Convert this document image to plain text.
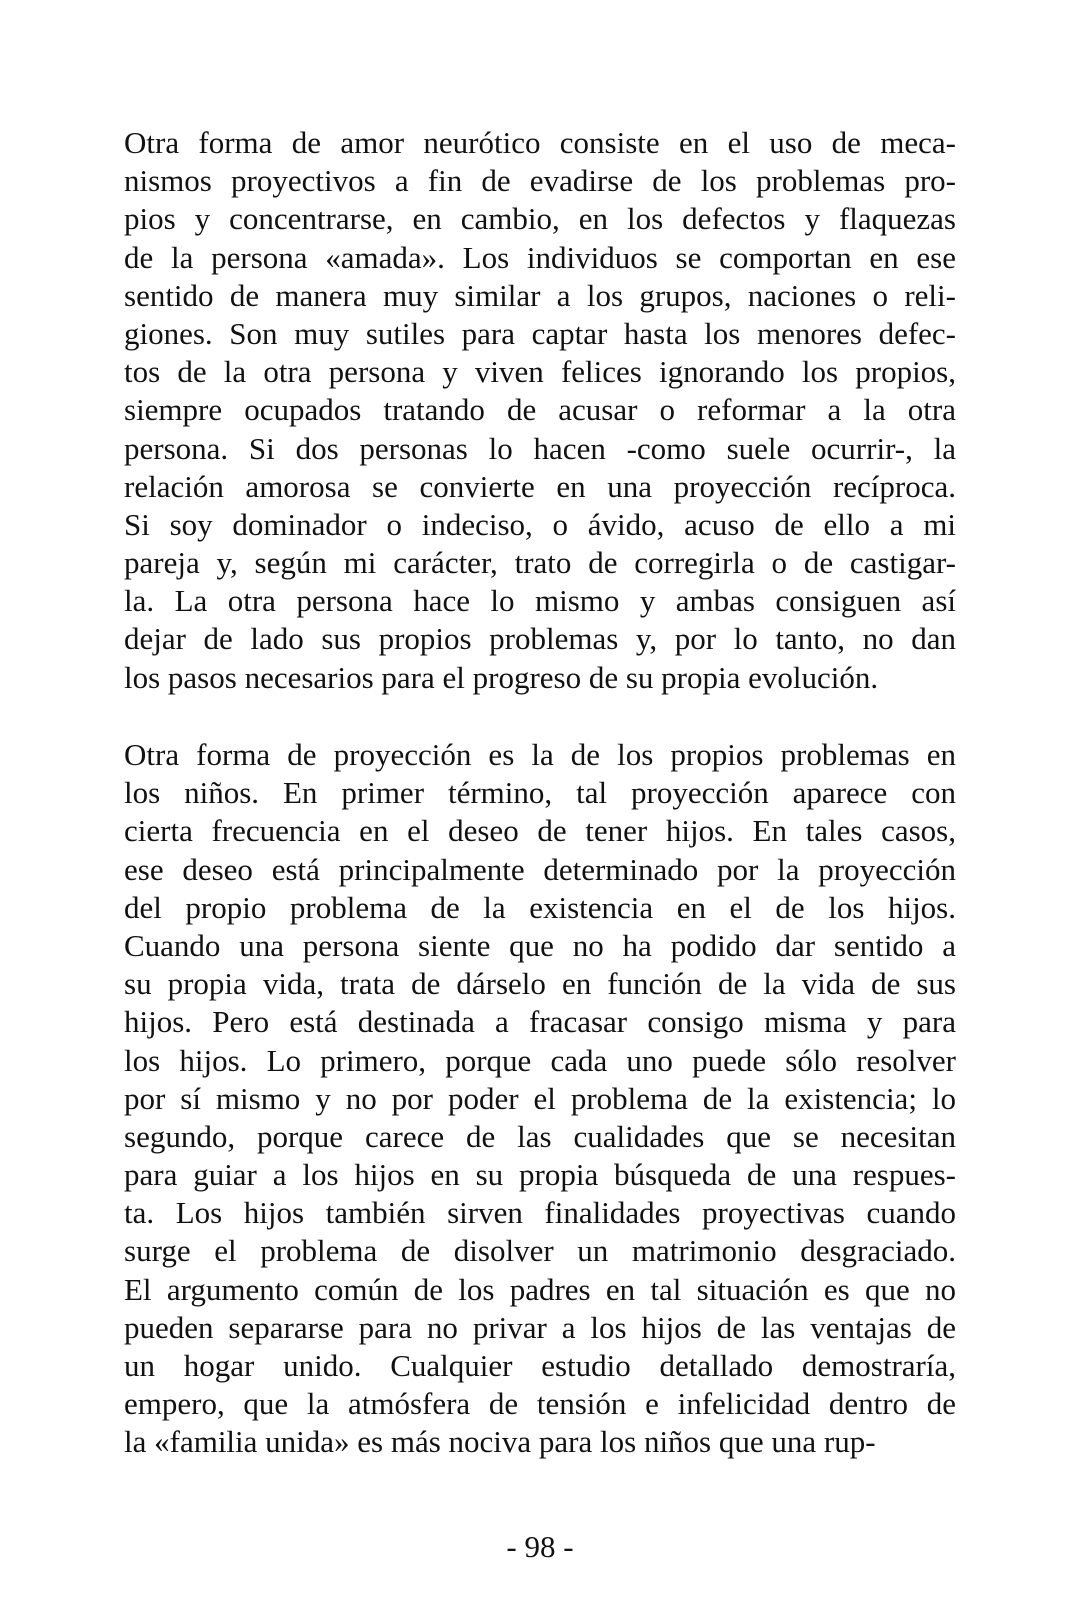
Otra forma de amor neurótico consiste en el uso de meca-
nismos proyectivos a fin de evadirse de los problemas pro-
pios y concentrarse, en cambio, en los defectos y flaquezas
de la persona «amada». Los individuos se comportan en ese
sentido de manera muy similar a los grupos, naciones o reli-
giones. Son muy sutiles para captar hasta los menores defec-
tos de la otra persona y viven felices ignorando los propios,
siempre ocupados tratando de acusar o reformar a la otra
persona. Si dos personas lo hacen -como suele ocurrir-, la
relación amorosa se convierte en una proyección recíproca.
Si soy dominador o indeciso, o ávido, acuso de ello a mi
pareja y, según mi carácter, trato de corregirla o de castigar-
la. La otra persona hace lo mismo y ambas consiguen así
dejar de lado sus propios problemas y, por lo tanto, no dan
los pasos necesarios para el progreso de su propia evolución.
Otra forma de proyección es la de los propios problemas en
los niños. En primer término, tal proyección aparece con
cierta frecuencia en el deseo de tener hijos. En tales casos,
ese deseo está principalmente determinado por la proyección
del propio problema de la existencia en el de los hijos.
Cuando una persona siente que no ha podido dar sentido a
su propia vida, trata de dárselo en función de la vida de sus
hijos. Pero está destinada a fracasar consigo misma y para
los hijos. Lo primero, porque cada uno puede sólo resolver
por sí mismo y no por poder el problema de la existencia; lo
segundo, porque carece de las cualidades que se necesitan
para guiar a los hijos en su propia búsqueda de una respues-
ta. Los hijos también sirven finalidades proyectivas cuando
surge el problema de disolver un matrimonio desgraciado.
El argumento común de los padres en tal situación es que no
pueden separarse para no privar a los hijos de las ventajas de
un hogar unido. Cualquier estudio detallado demostraría,
empero, que la atmósfera de tensión e infelicidad dentro de
la «familia unida» es más nociva para los niños que una rup-
- 98 -
